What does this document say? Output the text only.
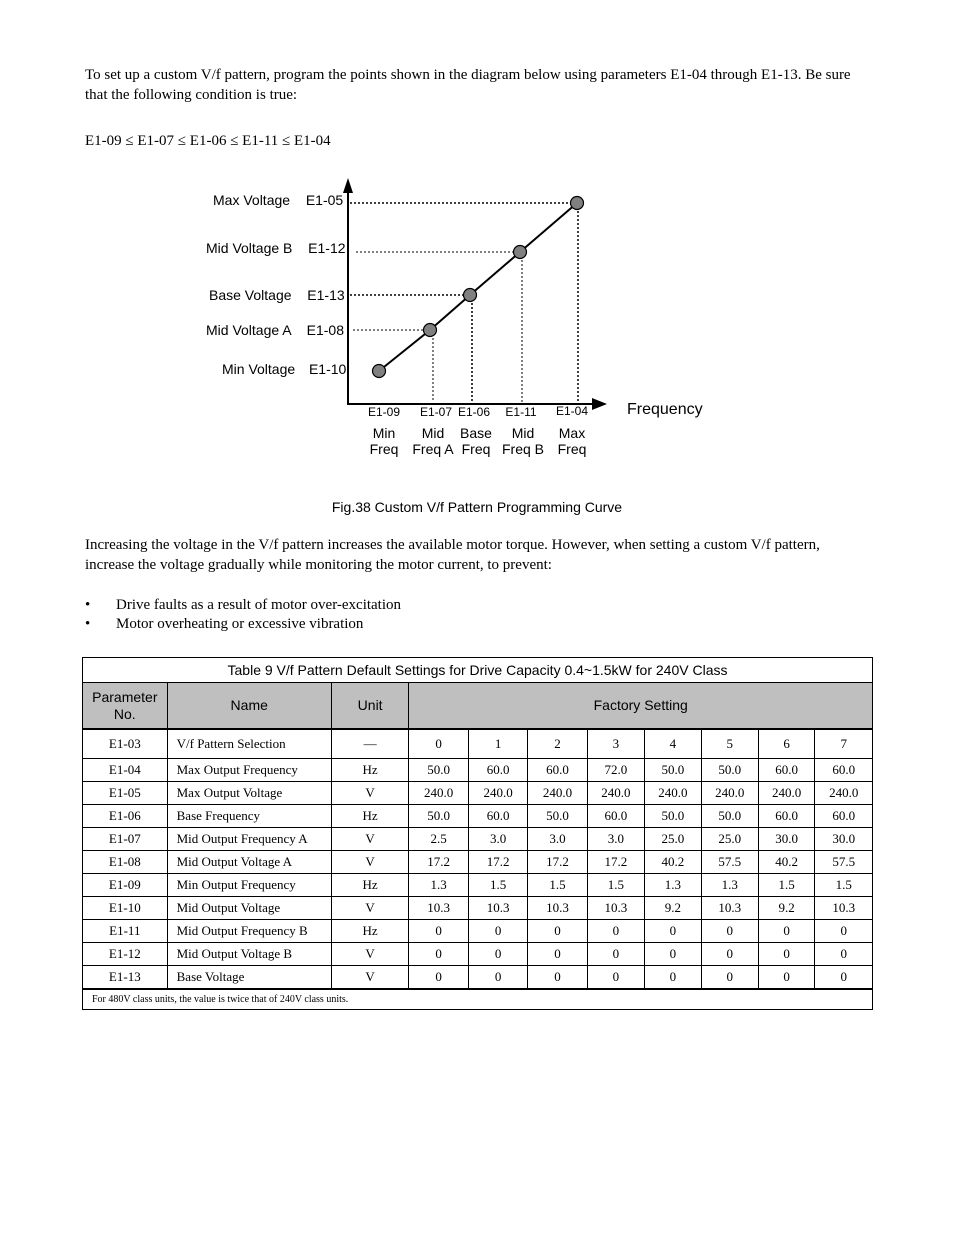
To set up a custom V/f pattern, program the points shown in the diagram below using parameters E1-04 through E1-13. Be sure that the following condition is true:

E1-09 ≤ E1-07 ≤ E1-06 ≤ E1-11 ≤ E1-04

Max Voltage E1-05
Mid Voltage B E1-12
Base Voltage E1-13
Mid Voltage A E1-08
Min Voltage E1-10
E1-09 E1-07 E1-06 E1-11 E1-04
Min
Freq
Mid
Freq A
Base
Freq
Mid
Freq B
Max
Freq
Frequency
Fig.38 Custom V/f Pattern Programming Curve

Increasing the voltage in the V/f pattern increases the available motor torque. However, when setting a custom V/f pattern, increase the voltage gradually while monitoring the motor current, to prevent:

• Drive faults as a result of motor over-excitation
• Motor overheating or excessive vibration
Table 9 V/f Pattern Default Settings for Drive Capacity 0.4~1.5kW for 240V Class										
Parameter No.	Name	Unit	Factory Setting							
E1-03	V/f Pattern Selection	—	0	1	2	3	4	5	6	7
E1-04	Max Output Frequency	Hz	50.0	60.0	60.0	72.0	50.0	50.0	60.0	60.0
E1-05	Max Output Voltage	V	240.0	240.0	240.0	240.0	240.0	240.0	240.0	240.0
E1-06	Base Frequency	Hz	50.0	60.0	50.0	60.0	50.0	50.0	60.0	60.0
E1-07	Mid Output Frequency A	V	2.5	3.0	3.0	3.0	25.0	25.0	30.0	30.0
E1-08	Mid Output Voltage A	V	17.2	17.2	17.2	17.2	40.2	57.5	40.2	57.5
E1-09	Min Output Frequency	Hz	1.3	1.5	1.5	1.5	1.3	1.3	1.5	1.5
E1-10	Mid Output Voltage	V	10.3	10.3	10.3	10.3	9.2	10.3	9.2	10.3
E1-11	Mid Output Frequency B	Hz	0	0	0	0	0	0	0	0
E1-12	Mid Output Voltage B	V	0	0	0	0	0	0	0	0
E1-13	Base Voltage	V	0	0	0	0	0	0	0	0
For 480V class units, the value is twice that of 240V class units.										
